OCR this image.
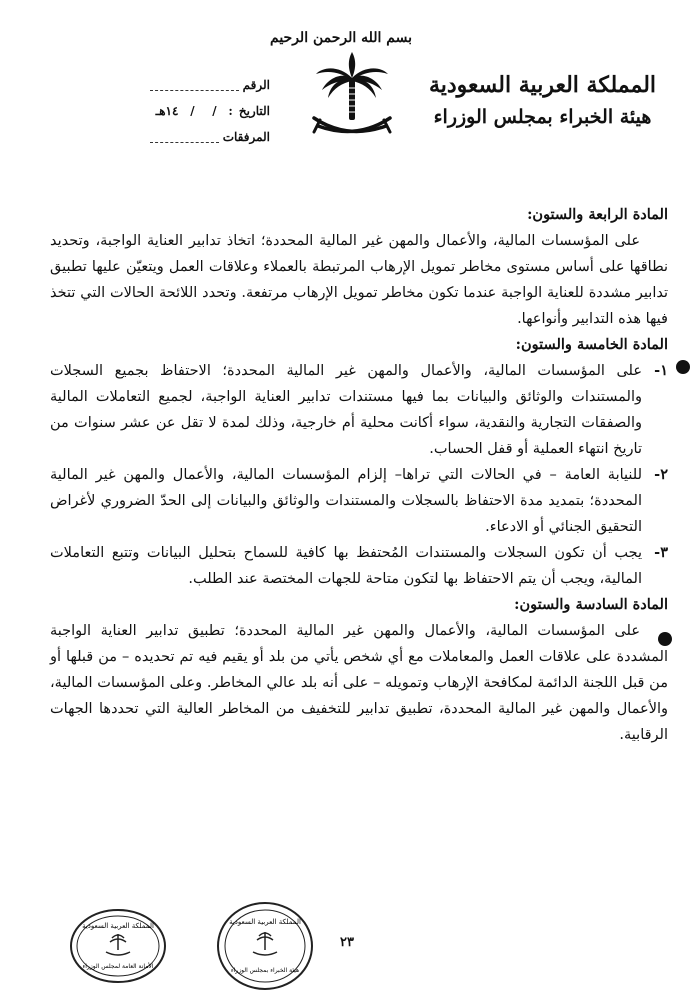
المملكة العربية السعودية
هيئة الخبراء بمجلس الوزراء
بسم الله الرحمن الرحيم
الرقم
التاريخ
:
/
/
١٤هـ
المرفقات
المادة الرابعة والستون:

على المؤسسات المالية، والأعمال والمهن غير المالية المحددة؛ اتخاذ تدابير العناية الواجبة، وتحديد نطاقها على أساس مستوى مخاطر تمويل الإرهاب المرتبطة بالعملاء وعلاقات العمل ويتعيّن عليها تطبيق تدابير مشددة للعناية الواجبة عندما تكون مخاطر تمويل الإرهاب مرتفعة. وتحدد اللائحة الحالات التي تتخذ فيها هذه التدابير وأنواعها.

المادة الخامسة والستون:
١-
على المؤسسات المالية، والأعمال والمهن غير المالية المحددة؛ الاحتفاظ بجميع السجلات والمستندات والوثائق والبيانات بما فيها مستندات تدابير العناية الواجبة، لجميع التعاملات المالية والصفقات التجارية والنقدية، سواء أكانت محلية أم خارجية، وذلك لمدة لا تقل عن عشر سنوات من تاريخ انتهاء العملية أو قفل الحساب.
٢-
للنيابة العامة – في الحالات التي تراها– إلزام المؤسسات المالية، والأعمال والمهن غير المالية المحددة؛ بتمديد مدة الاحتفاظ بالسجلات والمستندات والوثائق والبيانات إلى الحدّ الضروري لأغراض التحقيق الجنائي أو الادعاء.
٣-
يجب أن تكون السجلات والمستندات المُحتفظ بها كافية للسماح بتحليل البيانات وتتبع التعاملات المالية، ويجب أن يتم الاحتفاظ بها لتكون متاحة للجهات المختصة عند الطلب.
المادة السادسة والستون:

على المؤسسات المالية، والأعمال والمهن غير المالية المحددة؛ تطبيق تدابير العناية الواجبة المشددة على علاقات العمل والمعاملات مع أي شخص يأتي من بلد أو يقيم فيه تم تحديده – من قبلها أو من قبل اللجنة الدائمة لمكافحة الإرهاب وتمويله – على أنه بلد عالي المخاطر. وعلى المؤسسات المالية، والأعمال والمهن غير المالية المحددة، تطبيق تدابير للتخفيف من المخاطر العالية التي تحددها الجهات الرقابية.

المملكة العربية السعودية
الأمانة العامة لمجلس الوزراء
المملكة العربية السعودية
هيئة الخبراء بمجلس الوزراء
٢٣
